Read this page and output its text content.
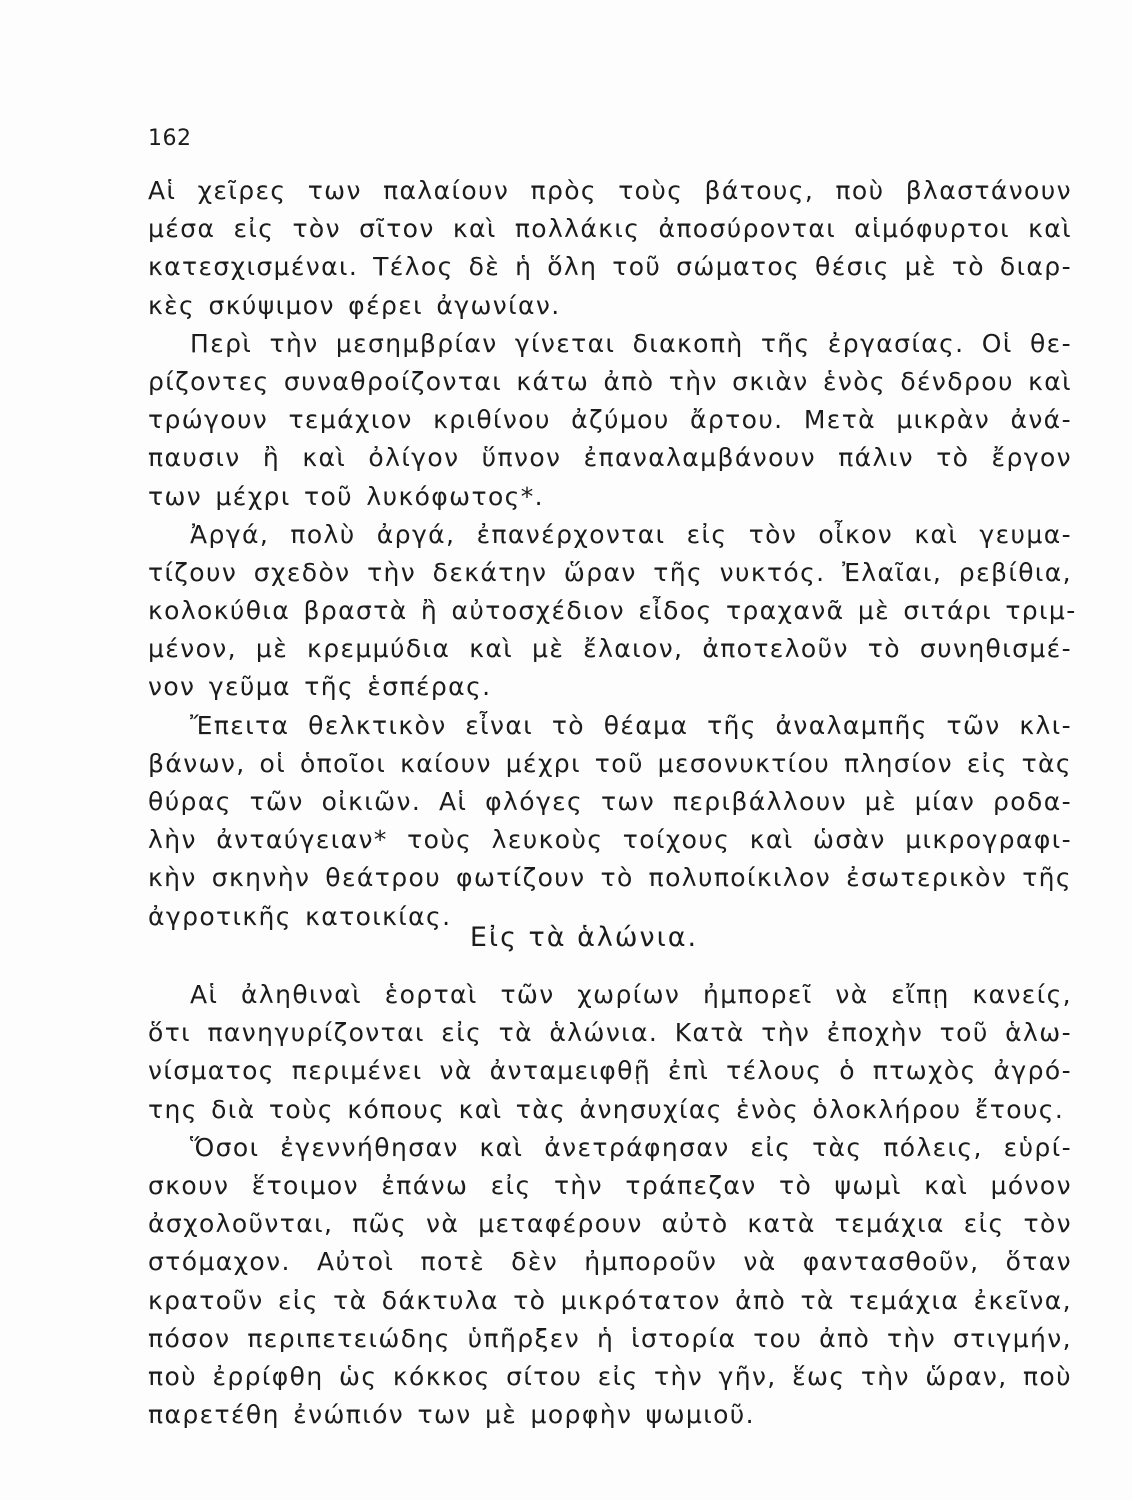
162
Αἱ χεῖρες των παλαίουν πρὸς τοὺς βάτους, ποὺ βλαστάνουν
μέσα εἰς τὸν σῖτον καὶ πολλάκις ἀποσύρονται αἱμόφυρτοι καὶ
κατεσχισμέναι. Τέλος δὲ ἡ ὅλη τοῦ σώματος θέσις μὲ τὸ διαρ-
κὲς σκύψιμον φέρει ἀγωνίαν.
Περὶ τὴν μεσημβρίαν γίνεται διακοπὴ τῆς ἐργασίας. Οἱ θε-
ρίζοντες συναθροίζονται κάτω ἀπὸ τὴν σκιὰν ἑνὸς δένδρου καὶ
τρώγουν τεμάχιον κριθίνου ἀζύμου ἄρτου. Μετὰ μικρὰν ἀνά-
παυσιν ἢ καὶ ὀλίγον ὕπνον ἐπαναλαμβάνουν πάλιν τὸ ἔργον
των μέχρι τοῦ λυκόφωτος*.
Ἀργά, πολὺ ἀργά, ἐπανέρχονται εἰς τὸν οἶκον καὶ γευμα-
τίζουν σχεδὸν τὴν δεκάτην ὥραν τῆς νυκτός. Ἐλαῖαι, ρεβίθια,
κολοκύθια βραστὰ ἢ αὐτοσχέδιον εἶδος τραχανᾶ μὲ σιτάρι τριμ-
μένον, μὲ κρεμμύδια καὶ μὲ ἔλαιον, ἀποτελοῦν τὸ συνηθισμέ-
νον γεῦμα τῆς ἑσπέρας.
Ἔπειτα θελκτικὸν εἶναι τὸ θέαμα τῆς ἀναλαμπῆς τῶν κλι-
βάνων, οἱ ὁποῖοι καίουν μέχρι τοῦ μεσονυκτίου πλησίον εἰς τὰς
θύρας τῶν οἰκιῶν. Αἱ φλόγες των περιβάλλουν μὲ μίαν ροδα-
λὴν ἀνταύγειαν* τοὺς λευκοὺς τοίχους καὶ ὡσὰν μικρογραφι-
κὴν σκηνὴν θεάτρου φωτίζουν τὸ πολυποίκιλον ἐσωτερικὸν τῆς
ἀγροτικῆς κατοικίας.
Εἰς τὰ ἁλώνια.
Αἱ ἀληθιναὶ ἑορταὶ τῶν χωρίων ἠμπορεῖ νὰ εἴπῃ κανείς,
ὅτι πανηγυρίζονται εἰς τὰ ἁλώνια. Κατὰ τὴν ἐποχὴν τοῦ ἁλω-
νίσματος περιμένει νὰ ἀνταμειφθῇ ἐπὶ τέλους ὁ πτωχὸς ἀγρό-
της διὰ τοὺς κόπους καὶ τὰς ἀνησυχίας ἑνὸς ὁλοκλήρου ἔτους.
Ὅσοι ἐγεννήθησαν καὶ ἀνετράφησαν εἰς τὰς πόλεις, εὑρί-
σκουν ἕτοιμον ἐπάνω εἰς τὴν τράπεζαν τὸ ψωμὶ καὶ μόνον
ἀσχολοῦνται, πῶς νὰ μεταφέρουν αὐτὸ κατὰ τεμάχια εἰς τὸν
στόμαχον. Αὐτοὶ ποτὲ δὲν ἠμποροῦν νὰ φαντασθοῦν, ὅταν
κρατοῦν εἰς τὰ δάκτυλα τὸ μικρότατον ἀπὸ τὰ τεμάχια ἐκεῖνα,
πόσον περιπετειώδης ὑπῆρξεν ἡ ἱστορία του ἀπὸ τὴν στιγμήν,
ποὺ ἐρρίφθη ὡς κόκκος σίτου εἰς τὴν γῆν, ἕως τὴν ὥραν, ποὺ
παρετέθη ἐνώπιόν των μὲ μορφὴν ψωμιοῦ.
